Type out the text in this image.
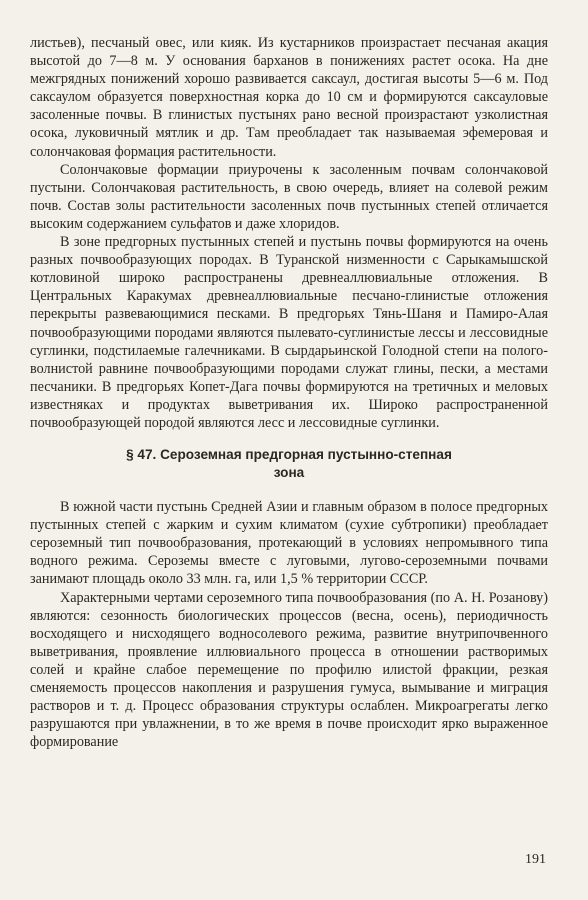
листьев), песчаный овес, или кияк. Из кустарников произрастает песчаная акация высотой до 7—8 м. У основания барханов в понижениях растет осока. На дне межгрядных понижений хорошо развивается саксаул, достигая высоты 5—6 м. Под саксаулом образуется поверхностная корка до 10 см и формируются саксауловые засоленные почвы. В глинистых пустынях рано весной произрастают узколистная осока, луковичный мятлик и др. Там преобладает так называемая эфемеровая и солончаковая формация растительности.

Солончаковые формации приурочены к засоленным почвам солончаковой пустыни. Солончаковая растительность, в свою очередь, влияет на солевой режим почв. Состав золы растительности засоленных почв пустынных степей отличается высоким содержанием сульфатов и даже хлоридов.

В зоне предгорных пустынных степей и пустынь почвы формируются на очень разных почвообразующих породах. В Туранской низменности с Сарыкамышской котловиной широко распространены древнеаллювиальные отложения. В Центральных Каракумах древнеаллювиальные песчано-глинистые отложения перекрыты развевающимися песками. В предгорьях Тянь-Шаня и Памиро-Алая почвообразующими породами являются пылевато-суглинистые лессы и лессовидные суглинки, подстилаемые галечниками. В сырдарьинской Голодной степи на полого-волнистой равнине почвообразующими породами служат глины, пески, а местами песчаники. В предгорьях Копет-Дага почвы формируются на третичных и меловых известняках и продуктах выветривания их. Широко распространенной почвообразующей породой являются лесс и лессовидные суглинки.

§ 47. Сероземная предгорная пустынно-степная
зона

В южной части пустынь Средней Азии и главным образом в полосе предгорных пустынных степей с жарким и сухим климатом (сухие субтропики) преобладает сероземный тип почвообразования, протекающий в условиях непромывного типа водного режима. Сероземы вместе с луговыми, лугово-сероземными почвами занимают площадь около 33 млн. га, или 1,5 % территории СССР.

Характерными чертами сероземного типа почвообразования (по А. Н. Розанову) являются: сезонность биологических процессов (весна, осень), периодичность восходящего и нисходящего водносолевого режима, развитие внутрипочвенного выветривания, проявление иллювиального процесса в отношении растворимых солей и крайне слабое перемещение по профилю илистой фракции, резкая сменяемость процессов накопления и разрушения гумуса, вымывание и миграция растворов и т. д. Процесс образования структуры ослаблен. Микроагрегаты легко разрушаются при увлажнении, в то же время в почве происходит ярко выраженное формирование

191
